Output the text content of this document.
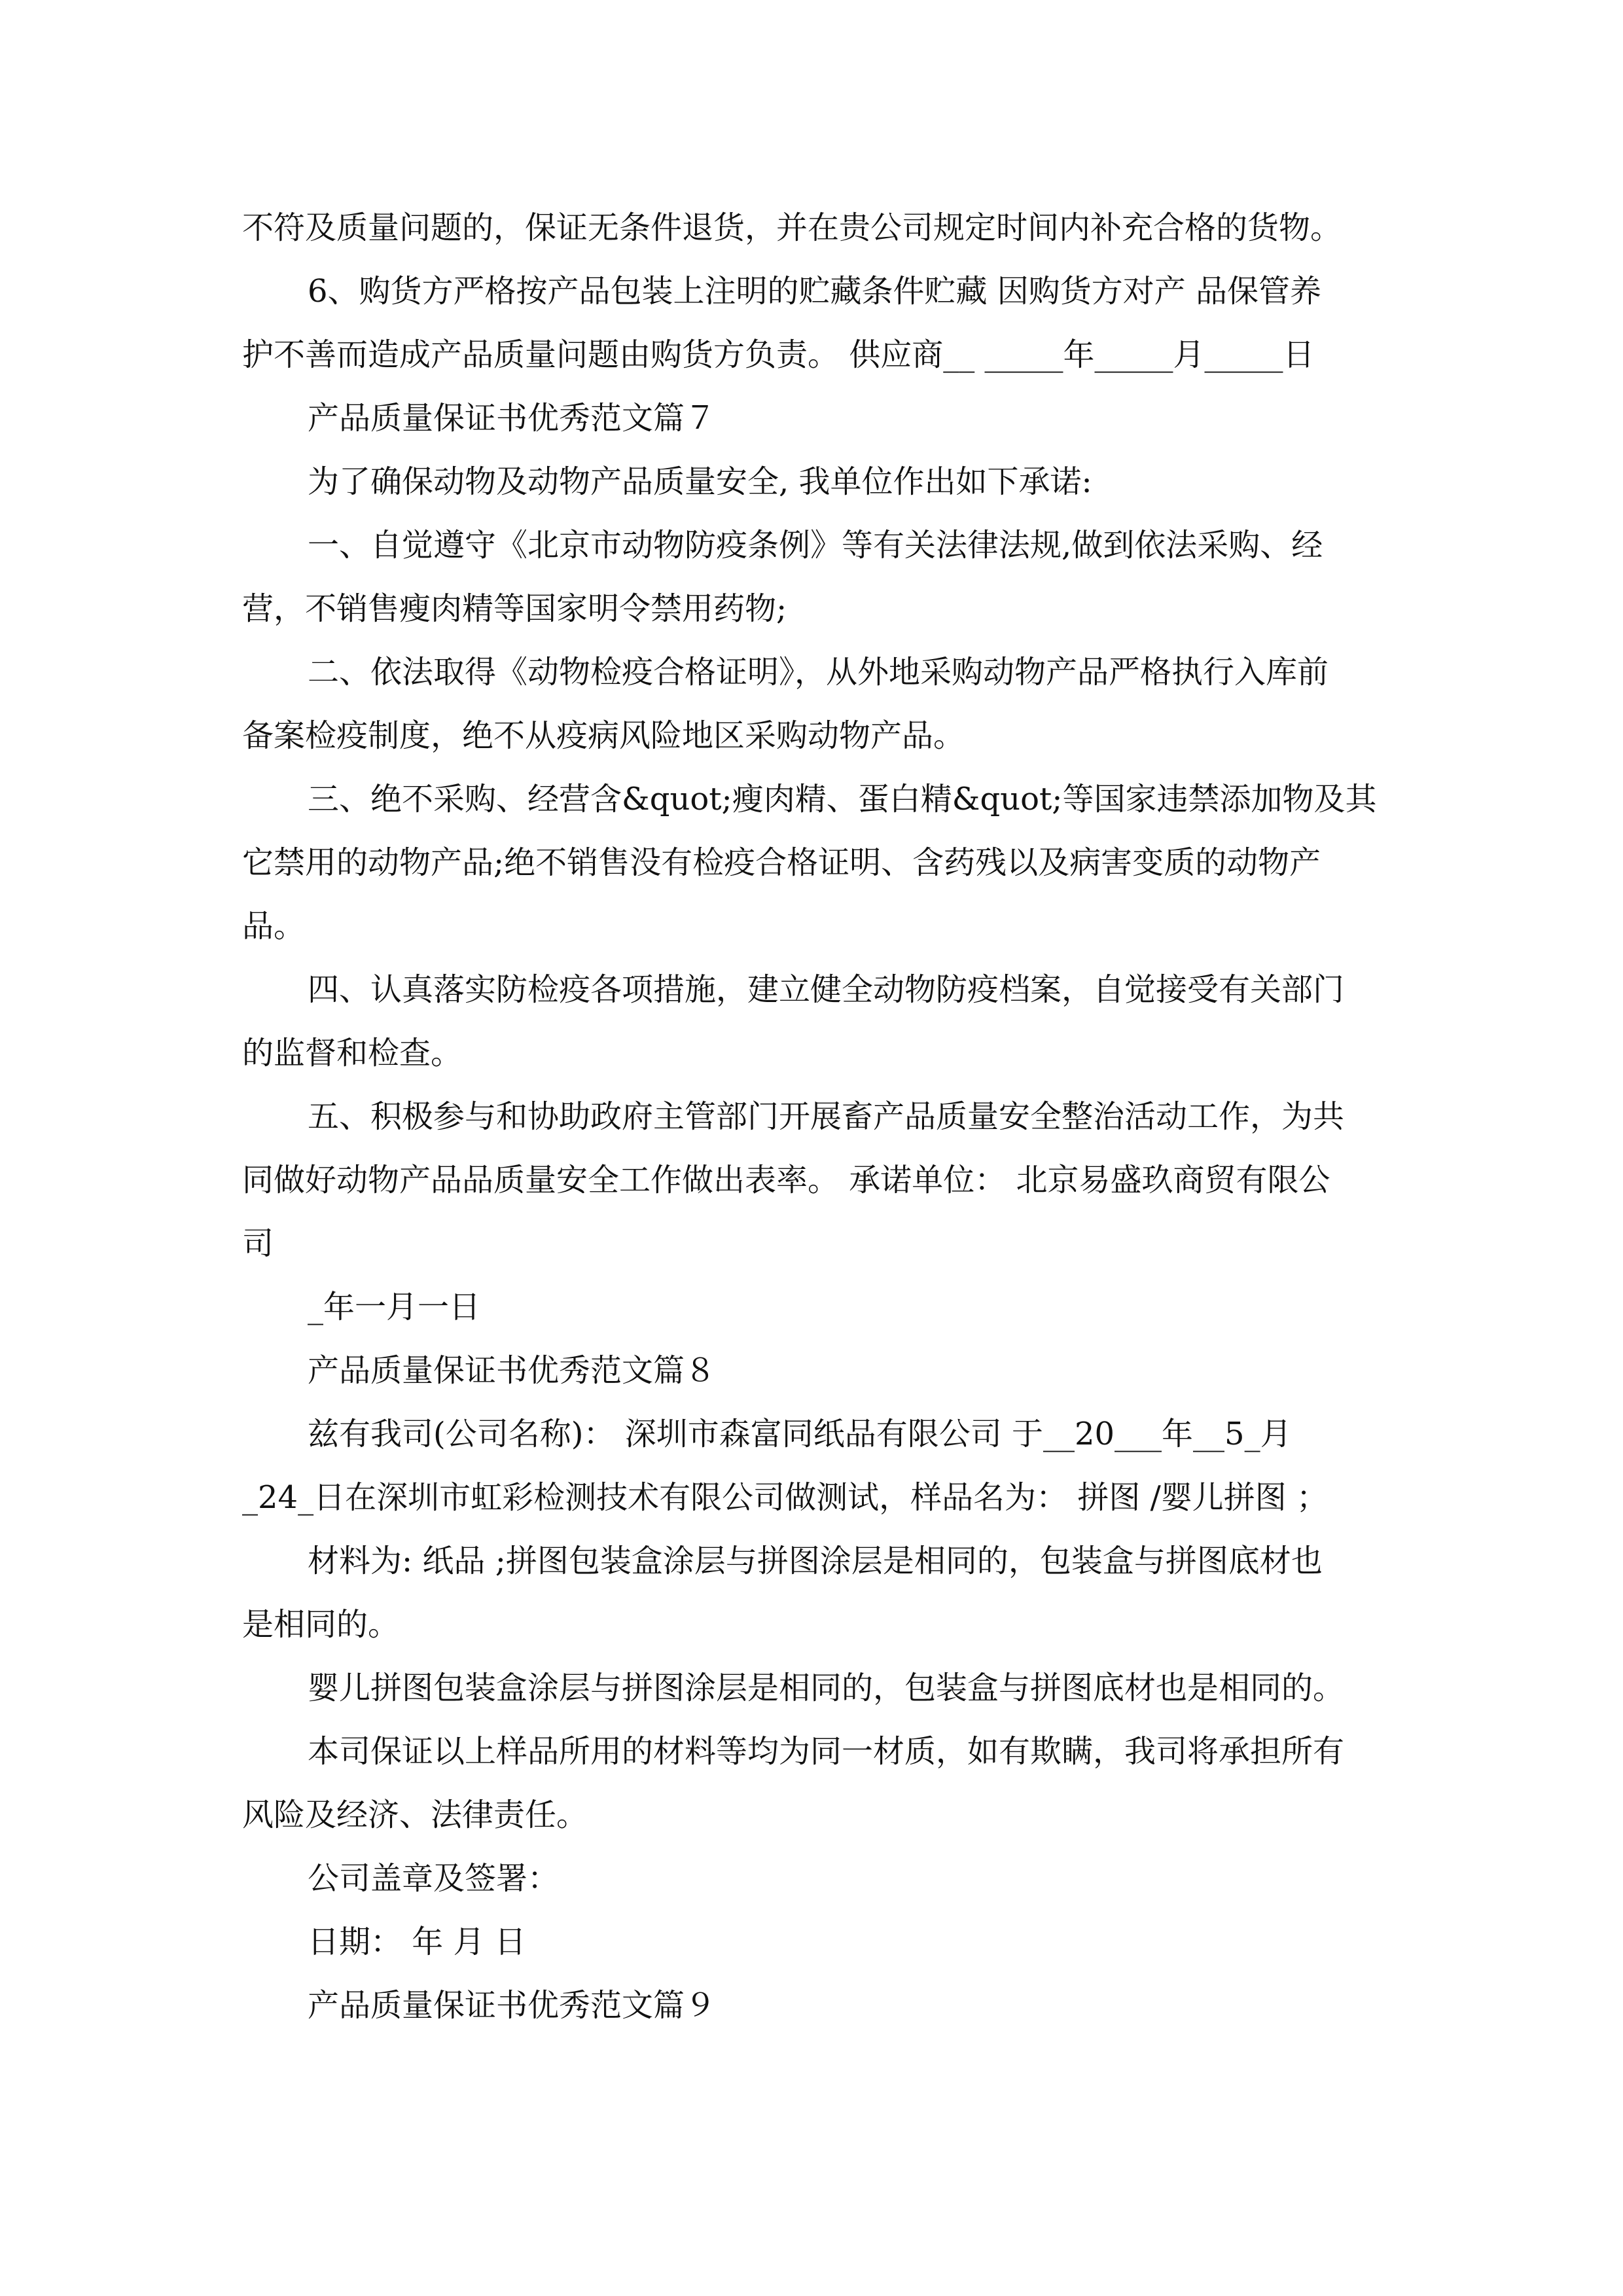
不符及质量问题的，保证无条件退货，并在贵公司规定时间内补充合格的货物。
6、购货方严格按产品包装上注明的贮藏条件贮藏 因购货方对产 品保管养
护不善而造成产品质量问题由购货方负责。 供应商__ _____年_____月_____日
产品质量保证书优秀范文篇７
为了确保动物及动物产品质量安全, 我单位作出如下承诺:
一、自觉遵守《北京市动物防疫条例》等有关法律法规,做到依法采购、经
营，不销售瘦肉精等国家明令禁用药物;
二、依法取得《动物检疫合格证明》，从外地采购动物产品严格执行入库前
备案检疫制度，绝不从疫病风险地区采购动物产品。
三、绝不采购、经营含&quot;瘦肉精、蛋白精&quot;等国家违禁添加物及其
它禁用的动物产品;绝不销售没有检疫合格证明、含药残以及病害变质的动物产
品。
四、认真落实防检疫各项措施，建立健全动物防疫档案，自觉接受有关部门
的监督和检查。
五、积极参与和协助政府主管部门开展畜产品质量安全整治活动工作，为共
同做好动物产品品质量安全工作做出表率。 承诺单位： 北京易盛玖商贸有限公
司
_年一月一日
产品质量保证书优秀范文篇８
兹有我司(公司名称)： 深圳市森富同纸品有限公司 于__20___年__5_月
_24_日在深圳市虹彩检测技术有限公司做测试，样品名为： 拼图 /婴儿拼图 ；
材料为: 纸品 ;拼图包装盒涂层与拼图涂层是相同的，包装盒与拼图底材也
是相同的。
婴儿拼图包装盒涂层与拼图涂层是相同的，包装盒与拼图底材也是相同的。
本司保证以上样品所用的材料等均为同一材质，如有欺瞒，我司将承担所有
风险及经济、法律责任。
公司盖章及签署：
日期： 年 月 日
产品质量保证书优秀范文篇９
